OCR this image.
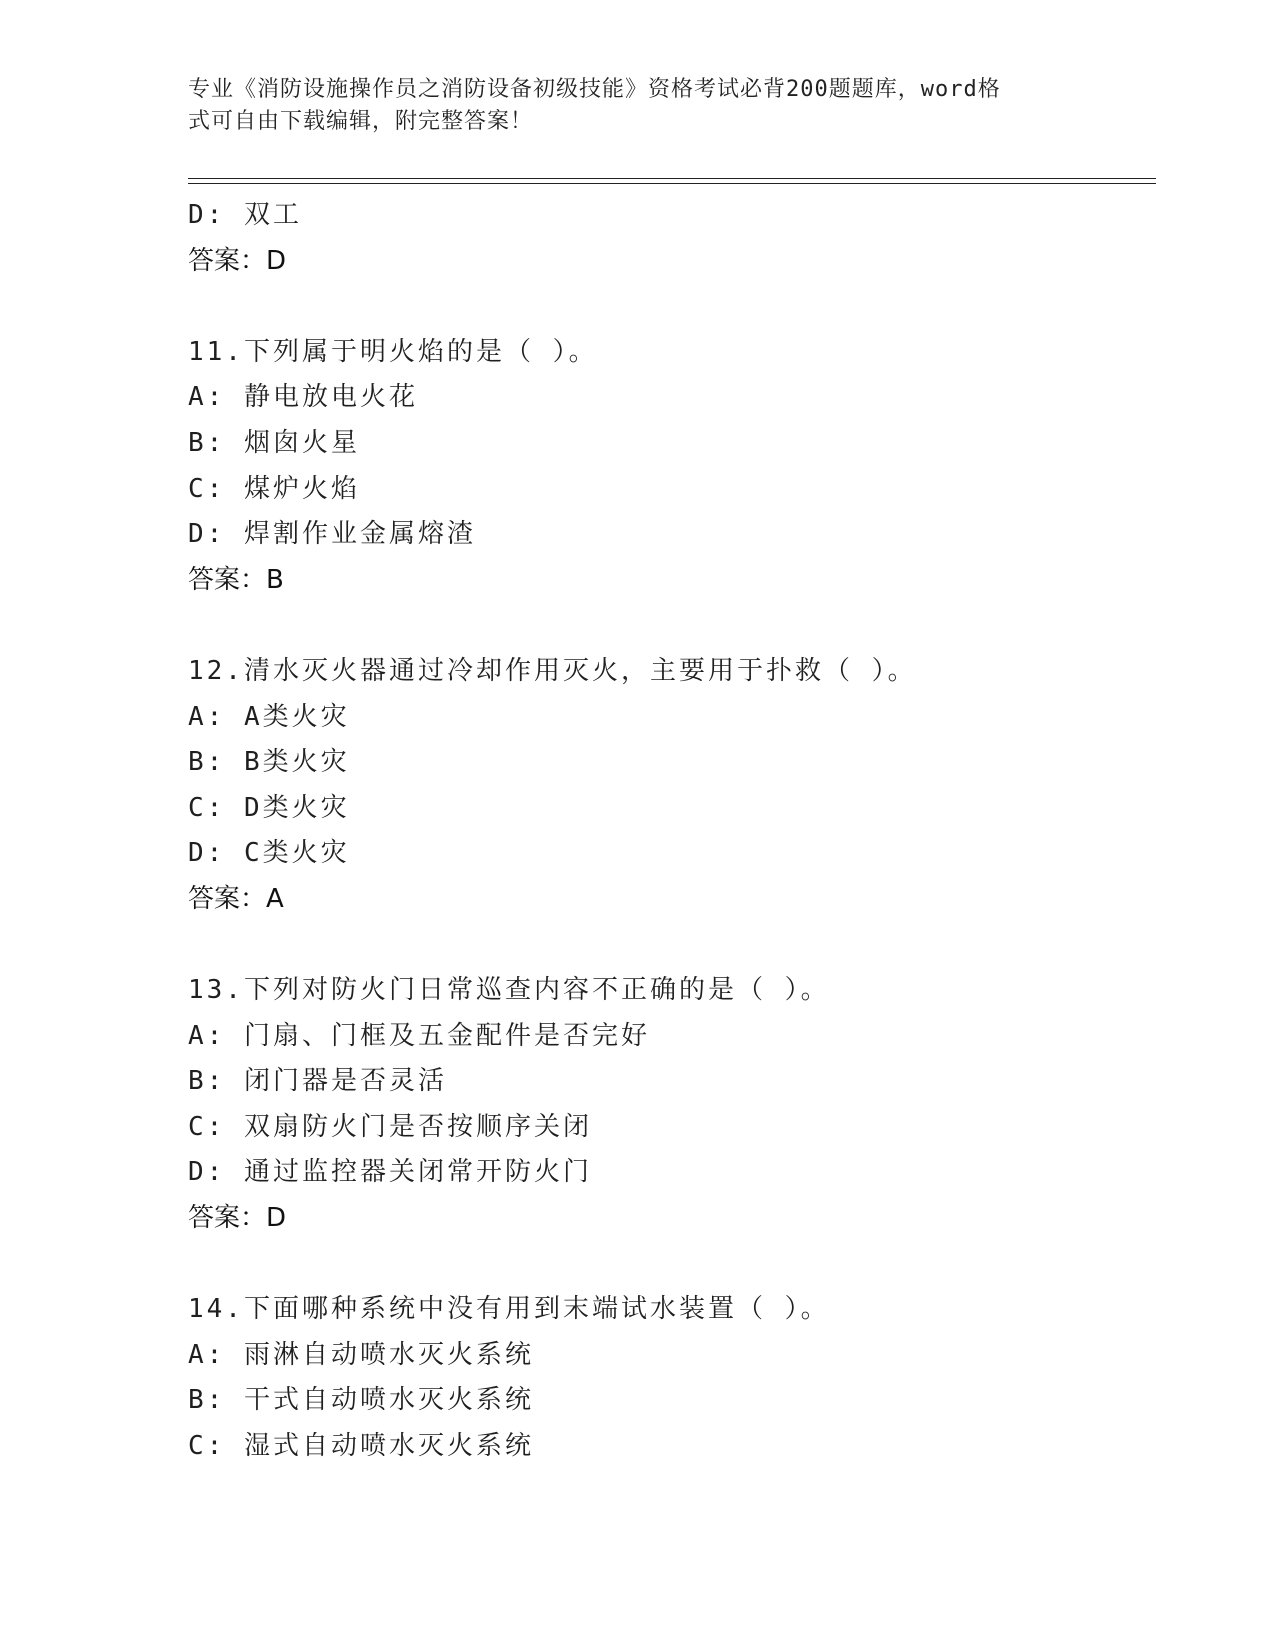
专业《消防设施操作员之消防设备初级技能》资格考试必背200题题库，word格
式可自由下载编辑，附完整答案！
D: 双工
答案：D
11.下列属于明火焰的是（ ）。
A: 静电放电火花
B: 烟囱火星
C: 煤炉火焰
D: 焊割作业金属熔渣
答案：B
12.清水灭火器通过冷却作用灭火，主要用于扑救（ ）。
A: A类火灾
B: B类火灾
C: D类火灾
D: C类火灾
答案：A
13.下列对防火门日常巡查内容不正确的是（ ）。
A: 门扇、门框及五金配件是否完好
B: 闭门器是否灵活
C: 双扇防火门是否按顺序关闭
D: 通过监控器关闭常开防火门
答案：D
14.下面哪种系统中没有用到末端试水装置（ ）。
A: 雨淋自动喷水灭火系统
B: 干式自动喷水灭火系统
C: 湿式自动喷水灭火系统
